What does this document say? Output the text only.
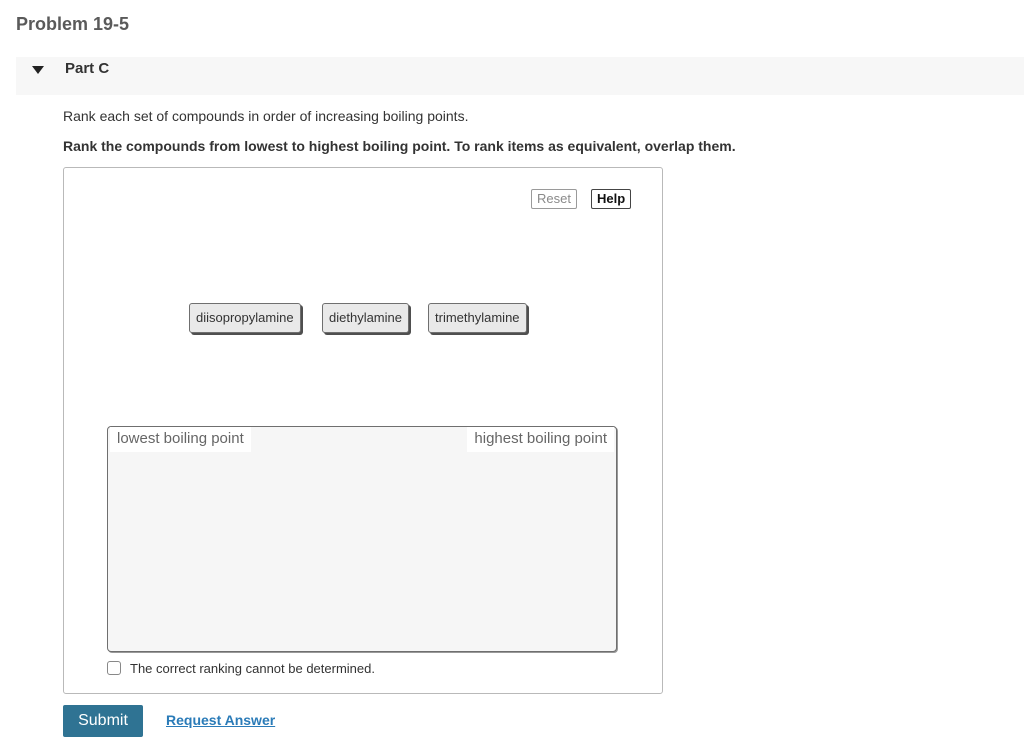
Problem 19-5
Part C
Rank each set of compounds in order of increasing boiling points.
Rank the compounds from lowest to highest boiling point. To rank items as equivalent, overlap them.
Reset	Help
diisopropylamine	diethylamine	trimethylamine
lowest boiling point	highest boiling point
The correct ranking cannot be determined.
Submit	Request Answer
